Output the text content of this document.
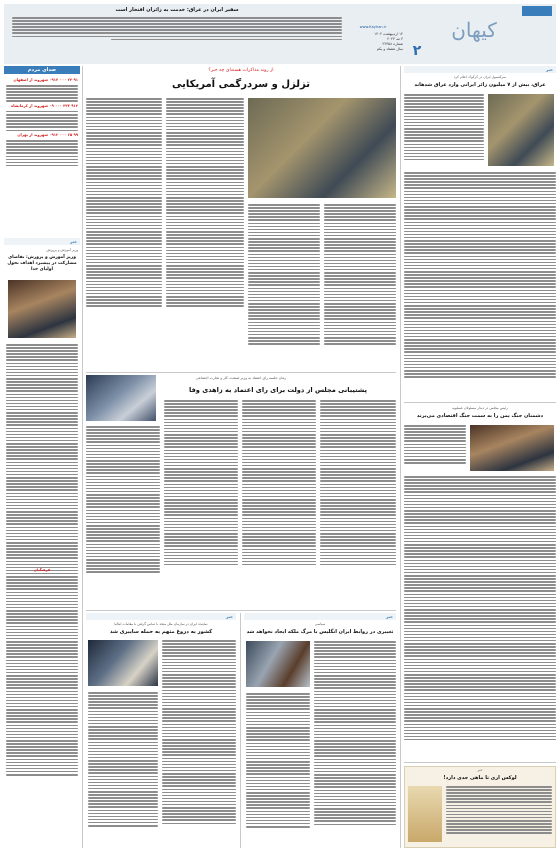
کیهان
۲
۱۴ اردیبهشت ۱۴۰۲
۴ مه ۲۰۲۳
شماره ۲۲۳۵۸
سال هشتاد و یکم
www.Kayhan.ir
سفیر ایران در عراق: خدمت به زائران افتخار است
صدای مردم
۹۱ ۲۳ ۰۰۰ ۰۹۱۳ شهروند از اصفهان
۹۱۲ ۳۳۴ ۰۰۰ ۰۹ شهروند از کرمانشاه
۹۹ ۶۵ ۰۰۰ ۰۹۱۲ شهروند از تهران
خبر
وزیر آموزش و پرورش
وزیر آموزش و پرورش: تقاضای مشارکت در پیشبرد اهداف تحول اولیای خدا
فرهنگیان
از روند مذاکرات هسته‌ای چه خبر؟
تزلزل و سردرگمی آمریکایی
رمان جلسه رای اعتماد به وزیر صنعت، کار و تجارت اجتماعی
پشتیبانی مجلس از دولت برای رای اعتماد به زاهدی وفا
خبر
نماینده ایران در سازمان ملل متحد با تماس گرفتن با مقامات ایتالیا
کشور به دروغ متهم به حمله سایبری شد
خبر
سیاسی
تغییری در روابط ایران انگلیس با مرگ ملکه ایجاد نخواهد شد
خبر
سرکنسول ایران در کرکوک اعلام کرد
عراق، بیش از ۷ میلیون زائر ایرانی وارد عراق شدهاند
رئیس مجلس در دیدار مسئولان عسلویه
دشمنان جنگ یمن را به سمت جنگ اقتصادی می‌برند
خبر
لوکس اری تا ماهی جدی دارد!
